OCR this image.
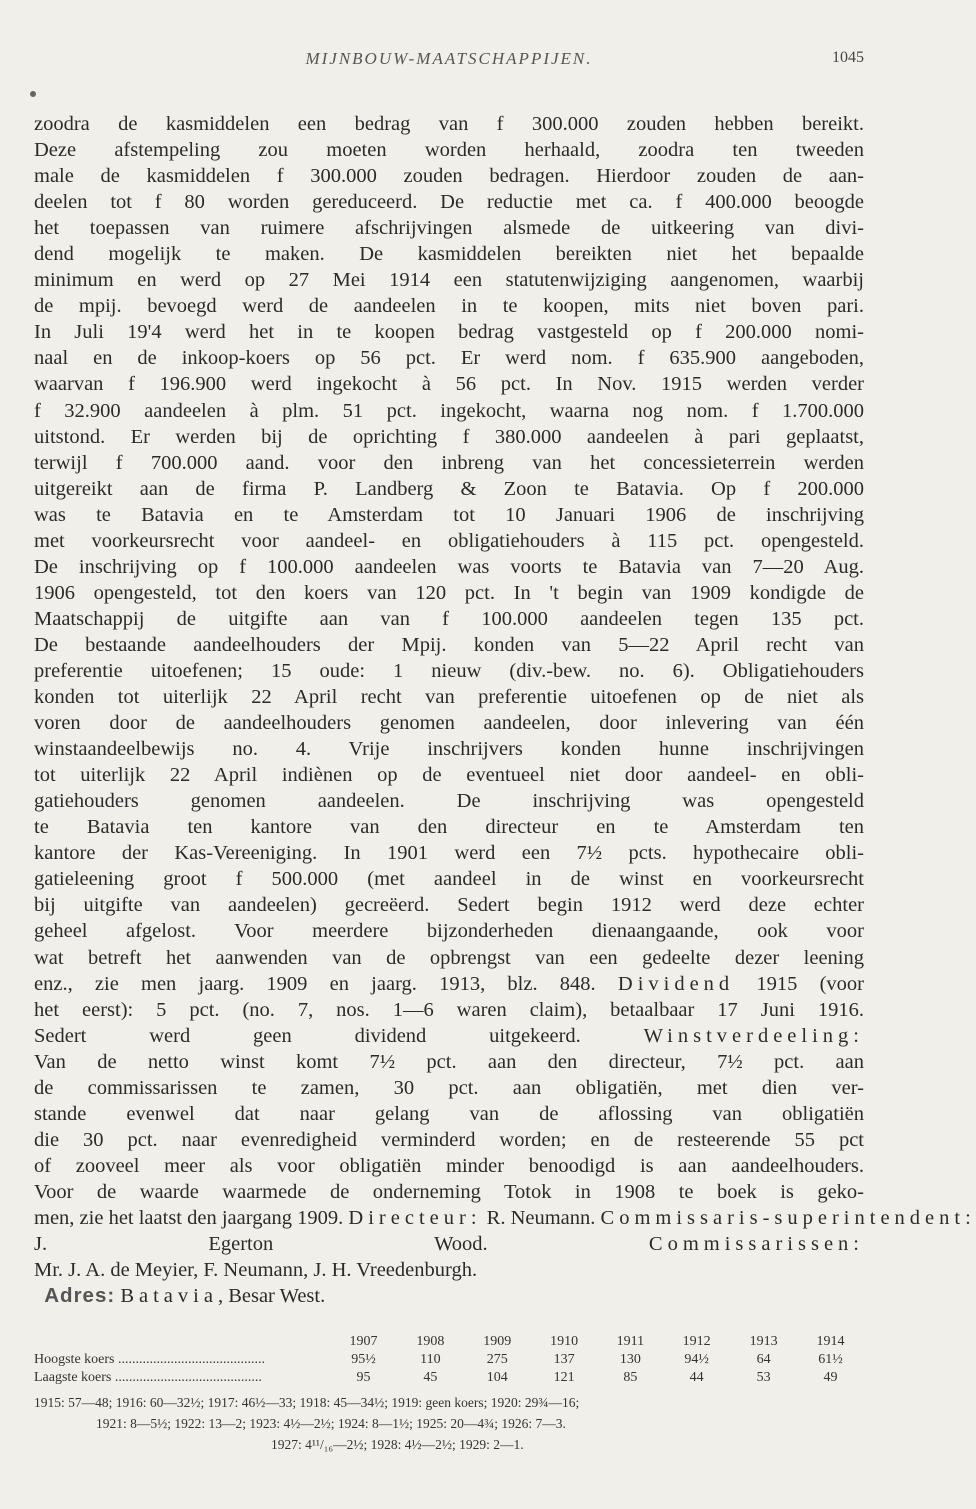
MIJNBOUW-MAATSCHAPPIJEN.	1045
zoodra de kasmiddelen een bedrag van f 300.000 zouden hebben bereikt.
Deze afstempeling zou moeten worden herhaald, zoodra ten tweeden
male de kasmiddelen f 300.000 zouden bedragen. Hierdoor zouden de aan-
deelen tot f 80 worden gereduceerd. De reductie met ca. f 400.000 beoogde
het toepassen van ruimere afschrijvingen alsmede de uitkeering van divi-
dend mogelijk te maken. De kasmiddelen bereikten niet het bepaalde
minimum en werd op 27 Mei 1914 een statutenwijziging aangenomen, waarbij
de mpij. bevoegd werd de aandeelen in te koopen, mits niet boven pari.
In Juli 19'4 werd het in te koopen bedrag vastgesteld op f 200.000 nomi-
naal en de inkoop-koers op 56 pct. Er werd nom. f 635.900 aangeboden,
waarvan f 196.900 werd ingekocht à 56 pct. In Nov. 1915 werden verder
f 32.900 aandeelen à plm. 51 pct. ingekocht, waarna nog nom. f 1.700.000
uitstond. Er werden bij de oprichting f 380.000 aandeelen à pari geplaatst,
terwijl f 700.000 aand. voor den inbreng van het concessieterrein werden
uitgereikt aan de firma P. Landberg & Zoon te Batavia. Op f 200.000
was te Batavia en te Amsterdam tot 10 Januari 1906 de inschrijving
met voorkeursrecht voor aandeel- en obligatiehouders à 115 pct. opengesteld.
De inschrijving op f 100.000 aandeelen was voorts te Batavia van 7—20 Aug.
1906 opengesteld, tot den koers van 120 pct. In 't begin van 1909 kondigde de
Maatschappij de uitgifte aan van f 100.000 aandeelen tegen 135 pct.
De bestaande aandeelhouders der Mpij. konden van 5—22 April recht van
preferentie uitoefenen; 15 oude: 1 nieuw (div.-bew. no. 6). Obligatiehouders
konden tot uiterlijk 22 April recht van preferentie uitoefenen op de niet als
voren door de aandeelhouders genomen aandeelen, door inlevering van één
winstaandeelbewijs no. 4. Vrije inschrijvers konden hunne inschrijvingen
tot uiterlijk 22 April indiènen op de eventueel niet door aandeel- en obli-
gatiehouders genomen aandeelen. De inschrijving was opengesteld
te Batavia ten kantore van den directeur en te Amsterdam ten
kantore der Kas-Vereeniging. In 1901 werd een 7½ pcts. hypothecaire obli-
gatieleening groot f 500.000 (met aandeel in de winst en voorkeursrecht
bij uitgifte van aandeelen) gecreëerd. Sedert begin 1912 werd deze echter
geheel afgelost. Voor meerdere bijzonderheden dienaangaande, ook voor
wat betreft het aanwenden van de opbrengst van een gedeelte dezer leening
enz., zie men jaarg. 1909 en jaarg. 1913, blz. 848. Dividend 1915 (voor
het eerst): 5 pct. (no. 7, nos. 1—6 waren claim), betaalbaar 17 Juni 1916.
Sedert werd geen dividend uitgekeerd.	Winstverdeeling:
Van de netto winst komt 7½ pct. aan den directeur, 7½ pct. aan
de commissarissen te zamen, 30 pct. aan obligatiën, met dien ver-
stande evenwel dat naar gelang van de aflossing van obligatiën
die 30 pct. naar evenredigheid verminderd worden; en de resteerende 55 pct
of zooveel meer als voor obligatiën minder benoodigd is aan aandeelhouders.
Voor de waarde waarmede de onderneming Totok in 1908 te boek is geko-
men, zie het laatst den jaargang 1909. Directeur: R. Neumann. Commissaris-superintendent:
J. Egerton Wood.	Commissarissen:
Mr. J. A. de Meyier, F. Neumann, J. H. Vreedenburgh.
Adres: Batavia, Besar West.
	1907	1908	1909	1910	1911	1912	1913	1914
Hoogste koers ..........................................	95½	110	275	137	130	94½	64	61½
Laagste koers ..........................................	95	45	104	121	85	44	53	49
1915: 57—48; 1916: 60—32½; 1917: 46½—33; 1918: 45—34½; 1919: geen koers; 1920: 29¾—16;
1921: 8—5½; 1922: 13—2; 1923: 4½—2½; 1924: 8—1½; 1925: 20—4¾; 1926: 7—3.
1927: 4¹¹/₁₆—2½; 1928: 4½—2½; 1929: 2—1.
